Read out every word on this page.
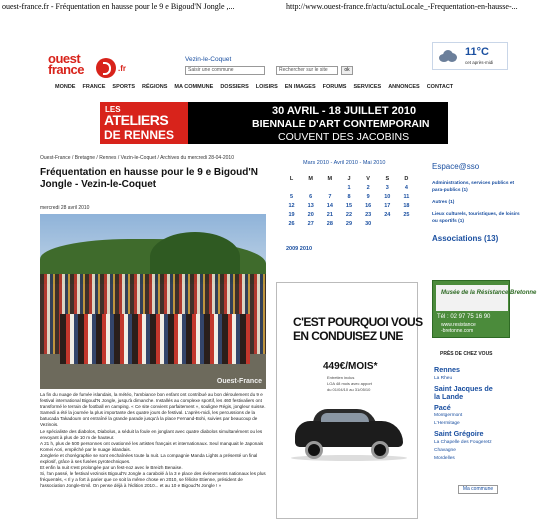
ouest-france.fr - Fréquentation en hausse pour le 9 e Bigoud'N Jongle ,...	http://www.ouest-france.fr/actu/actuLocale_-Frequentation-en-hausse-...
ouest
france	.fr
Vezin-le-Coquet
Saisir une commune	Rechercher sur le site	ok
11°C
cet après-midi
MONDE FRANCE SPORTS RÉGIONS MA COMMUNE DOSSIERS LOISIRS EN IMAGES FORUMS SERVICES ANNONCES CONTACT
LES
ATELIERS
DE RENNES
30 AVRIL - 18 JUILLET 2010
BIENNALE D'ART CONTEMPORAIN
COUVENT DES JACOBINS
Ouest-France / Bretagne / Rennes / Vezin-le-Coquet / Archives du mercredi 28-04-2010
Fréquentation en hausse pour le 9 e Bigoud'N Jongle - Vezin-le-Coquet
mercredi 28 avril 2010
Ouest-France

La fin du nuage de fumée islandais, la météo, l'ambiance bon enfant ont contribué au bon déroulement du 9 e festival international Bigoud'N Jongle, jusqu'à dimanche. Installés au complexe sportif, les 460 festivaliers ont transformé le terrain de football en camping. « Ce site convient parfaitement », souligne Régis, jongleur suisse.

Samedi a été la journée la plus importante des quatre jours de festival. L'après-midi, les percussions de la batucada Takadoum ont entraîné la grande parade jusqu'à la place Fernand-Bohi, suivies par beaucoup de Vezinois.

Le spécialiste des diabolos, Diabolus, a séduit la foule en jonglant avec quatre diabolos simultanément ou les envoyant à plus de 10 m de hauteur.

A 21 h, plus de 500 personnes ont ovationné les artistes français et internationaux. Seul manquait le Japonais Komei Aori, empêché par le nuage islandais.

Jonglerie et chorégraphie se sont enchaînées toute la nuit. La compagnie Manda Lights a présenté un final explosif, grâce à ses fusées pyrotechniques.

Et enfin la nuit s'est prolongée par un fest-noz avec le Breizh Benaise.

Si, l'an passé, le festival vezinois Bigoud'N Jongle a carabolé à la 3 e place des événements nationaux les plus fréquentés, « Il y a fort à parier que ce soit la même chose en 2010, se félicite Etienne, président de l'association Jongle-Ervil. On pense déjà à l'édition 2010... et au 10 e Bigoud'N Jongle ! »

Mars 2010 - Avril 2010 - Mai 2010
L	M	M	J	V	S	D
			1	2	3	4
5	6	7	8	9	10	11
12	13	14	15	16	17	18
19	20	21	22	23	24	25
26	27	28	29	30		
2009 2010
C'EST POURQUOI VOUS
EN CONDUISEZ UNE
449€/MOIS*
Entretien inclus
LOA 48 mois avec apport
du 01/04/10 au 31/05/10
Espace@sso
Administrations, services publics et para-publics (1)
Autres (1)
Lieux culturels, touristiques, de loisirs ou sportifs (1)
Associations (13)
Musée de la Résistance Bretonne
Tél : 02 97 75 16 90
www.resistance
-bretonne.com
PRÈS DE CHEZ VOUS
Rennes
La Rheu
Saint Jacques de
la Lande
Pacé
Montgermont
L'Hermitage
Saint Grégoire
La Chapelle des Fougeretz
Chavagne
Mordelles
Ma commune
